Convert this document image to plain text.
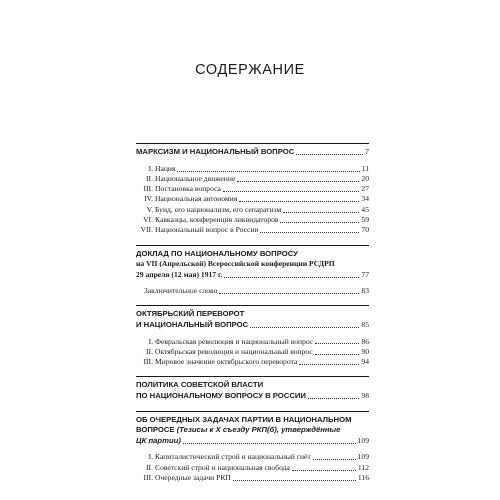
СОДЕРЖАНИЕ
МАРКСИЗМ И НАЦИОНАЛЬНЫЙ ВОПРОС	7
I. Нация	11
II. Национальное движение	20
III. Постановка вопроса	27
IV. Национальная автономия	34
V. Бунд, его национализм, его сепаратизм	45
VI. Кавказцы, конференция ликвидаторов	59
VII. Национальный вопрос в России	70
ДОКЛАД ПО НАЦИОНАЛЬНОМУ ВОПРОСУ
на VII (Апрельской) Всероссийской конференции РСДРП
29 апреля (12 мая) 1917 г.	77
Заключительное слово	83
ОКТЯБРЬСКИЙ ПЕРЕВОРОТ
И НАЦИОНАЛЬНЫЙ ВОПРОС	85
I. Февральская революция и национальный вопрос	86
II. Октябрьская революция и национальный вопрос	90
III. Мировое значение октябрьского переворота	94
ПОЛИТИКА СОВЕТСКОЙ ВЛАСТИ
ПО НАЦИОНАЛЬНОМУ ВОПРОСУ В РОССИИ	98
ОБ ОЧЕРЕДНЫХ ЗАДАЧАХ ПАРТИИ В НАЦИОНАЛЬНОМ
ВОПРОСЕ (Тезисы к X съезду РКП(б), утверждённые
ЦК партии)	109
I. Капиталистический строй и национальный гнёт	109
II. Советский строй и национальная свобода	112
III. Очередные задачи РКП	116
